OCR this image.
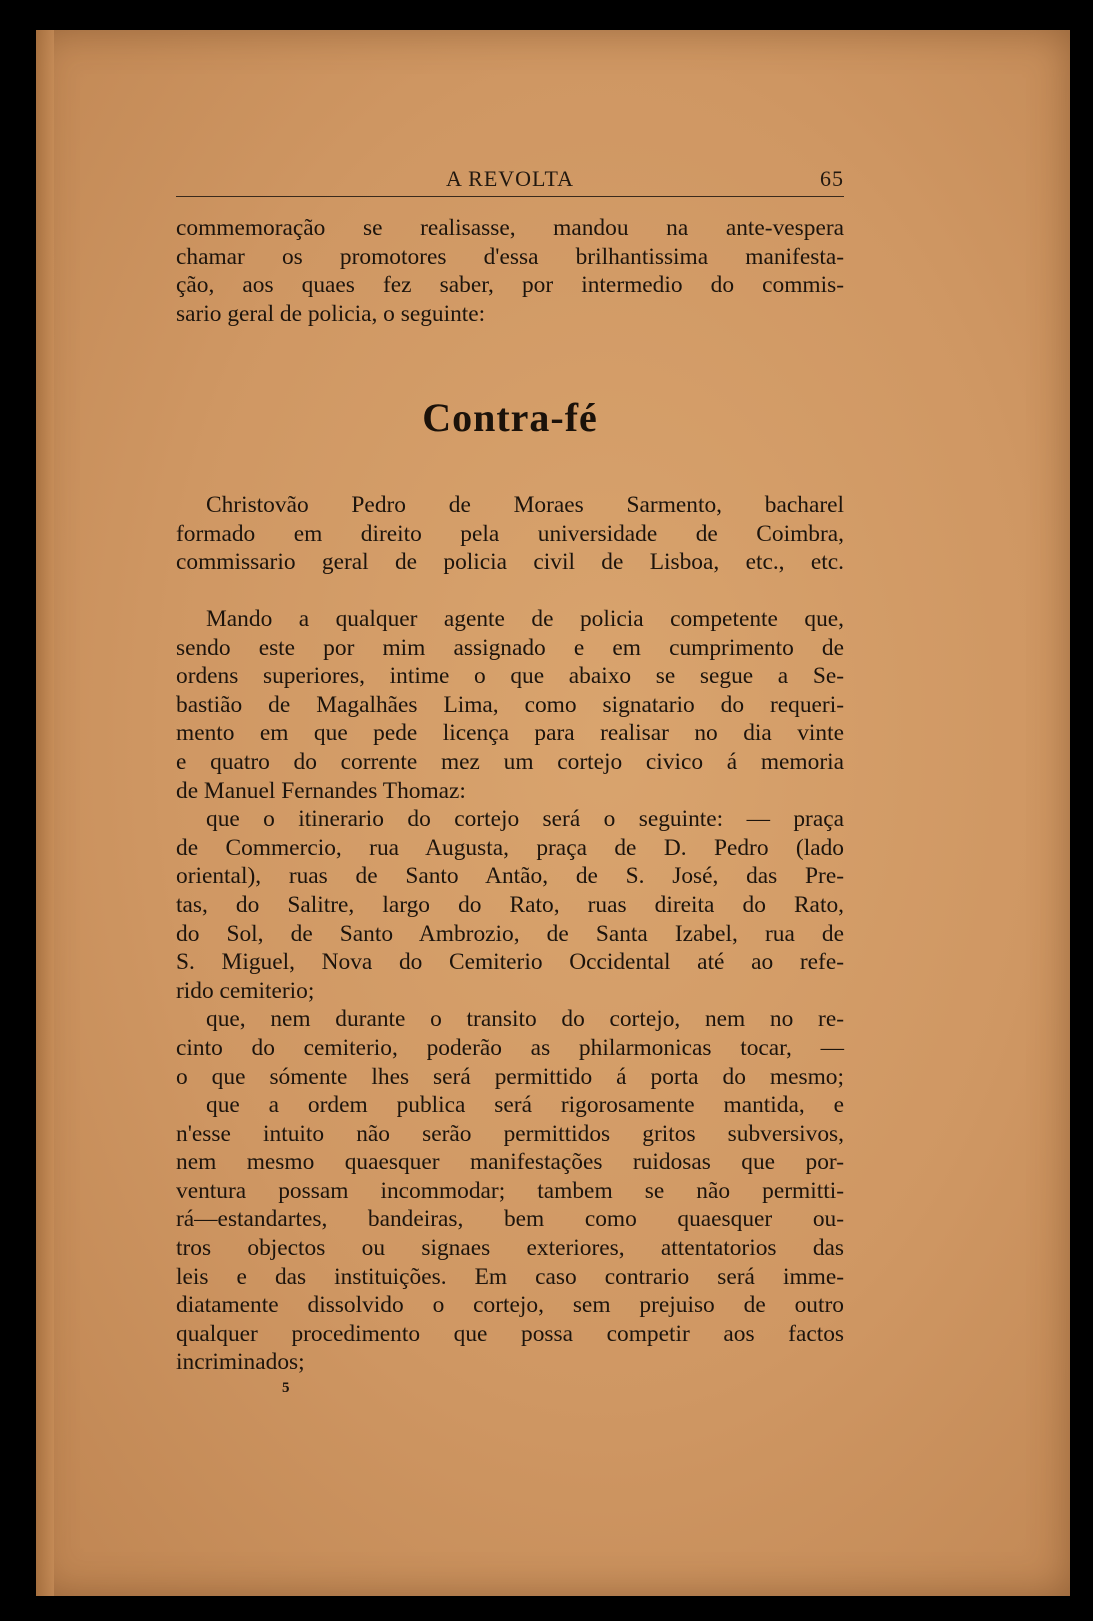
A REVOLTA	65
commemoração se realisasse, mandou na ante-vespera
chamar os promotores d'essa brilhantissima manifesta-
ção, aos quaes fez saber, por intermedio do commis-
sario geral de policia, o seguinte:
Contra-fé
Christovão Pedro de Moraes Sarmento, bacharel
formado em direito pela universidade de Coimbra,
commissario geral de policia civil de Lisboa, etc., etc.
Mando a qualquer agente de policia competente que,
sendo este por mim assignado e em cumprimento de
ordens superiores, intime o que abaixo se segue a Se-
bastião de Magalhães Lima, como signatario do requeri-
mento em que pede licença para realisar no dia vinte
e quatro do corrente mez um cortejo civico á memoria
de Manuel Fernandes Thomaz:
que o itinerario do cortejo será o seguinte: — praça
de Commercio, rua Augusta, praça de D. Pedro (lado
oriental), ruas de Santo Antão, de S. José, das Pre-
tas, do Salitre, largo do Rato, ruas direita do Rato,
do Sol, de Santo Ambrozio, de Santa Izabel, rua de
S. Miguel, Nova do Cemiterio Occidental até ao refe-
rido cemiterio;
que, nem durante o transito do cortejo, nem no re-
cinto do cemiterio, poderão as philarmonicas tocar, —
o que sómente lhes será permittido á porta do mesmo;
que a ordem publica será rigorosamente mantida, e
n'esse intuito não serão permittidos gritos subversivos,
nem mesmo quaesquer manifestações ruidosas que por-
ventura possam incommodar; tambem se não permitti-
rá—estandartes, bandeiras, bem como quaesquer ou-
tros objectos ou signaes exteriores, attentatorios das
leis e das instituições. Em caso contrario será imme-
diatamente dissolvido o cortejo, sem prejuiso de outro
qualquer procedimento que possa competir aos factos
incriminados;
5
